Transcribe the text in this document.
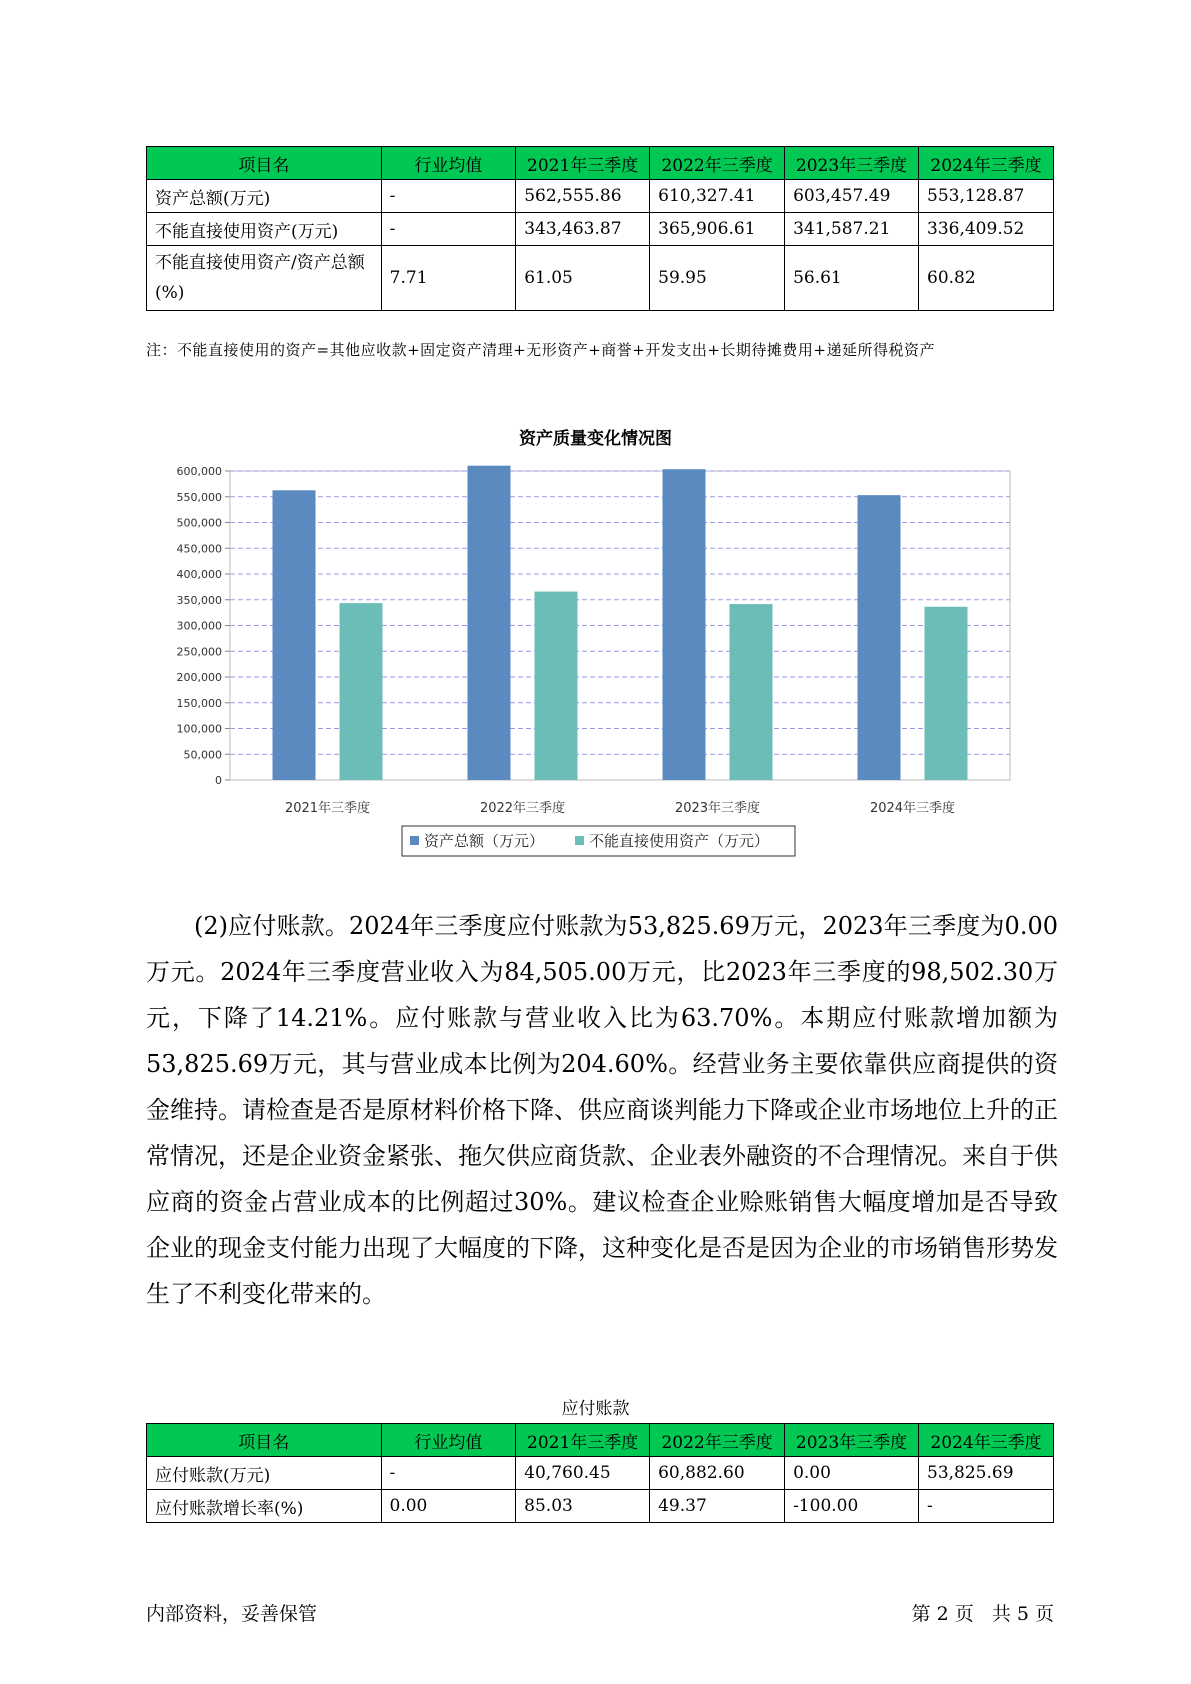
项目名	行业均值	2021年三季度	2022年三季度	2023年三季度	2024年三季度
资产总额(万元)	-	562,555.86	610,327.41	603,457.49	553,128.87
不能直接使用资产(万元)	-	343,463.87	365,906.61	341,587.21	336,409.52
不能直接使用资产/资产总额(%)	7.71	61.05	59.95	56.61	60.82
注：不能直接使用的资产=其他应收款+固定资产清理+无形资产+商誉+开发支出+长期待摊费用+递延所得税资产
资产质量变化情况图
600,000
550,000
500,000
450,000
400,000
350,000
300,000
250,000
200,000
150,000
100,000
50,000
0
2021年三季度	2022年三季度	2023年三季度	2024年三季度
资产总额（万元）	不能直接使用资产（万元）
(2)应付账款。2024年三季度应付账款为53,825.69万元，2023年三季度为0.00万元。2024年三季度营业收入为84,505.00万元，比2023年三季度的98,502.30万元，下降了14.21%。应付账款与营业收入比为63.70%。本期应付账款增加额为53,825.69万元，其与营业成本比例为204.60%。经营业务主要依靠供应商提供的资金维持。请检查是否是原材料价格下降、供应商谈判能力下降或企业市场地位上升的正常情况，还是企业资金紧张、拖欠供应商货款、企业表外融资的不合理情况。来自于供应商的资金占营业成本的比例超过30%。建议检查企业赊账销售大幅度增加是否导致企业的现金支付能力出现了大幅度的下降，这种变化是否是因为企业的市场销售形势发生了不利变化带来的。
应付账款
项目名	行业均值	2021年三季度	2022年三季度	2023年三季度	2024年三季度
应付账款(万元)	-	40,760.45	60,882.60	0.00	53,825.69
应付账款增长率(%)	0.00	85.03	49.37	-100.00	-
内部资料，妥善保管	第 2 页   共 5 页
